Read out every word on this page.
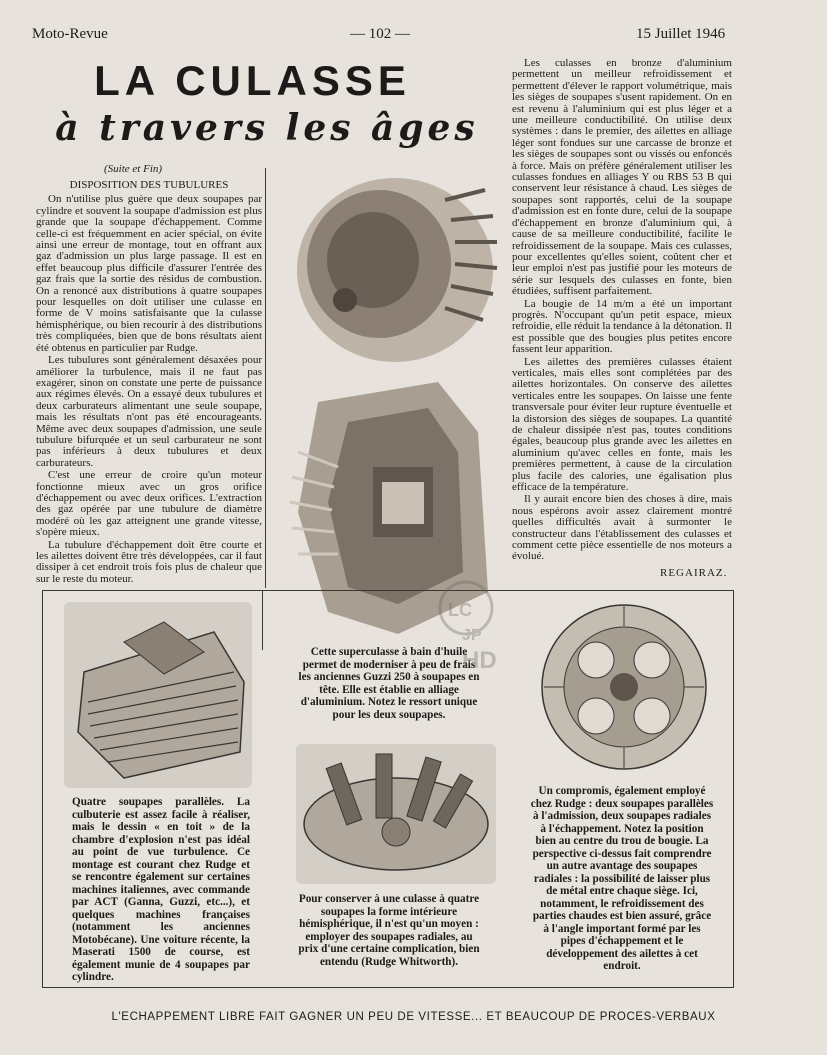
Moto-Revue	— 102 —	15 Juillet 1946
LA CULASSE
à travers les âges
(Suite et Fin)

DISPOSITION DES TUBULURES

On n'utilise plus guère que deux soupapes par cylindre et souvent la soupape d'admission est plus grande que la soupape d'échappement. Comme celle-ci est fréquemment en acier spécial, on évite ainsi une erreur de montage, tout en offrant aux gaz d'admission un plus large passage. Il est en effet beaucoup plus difficile d'assurer l'entrée des gaz frais que la sortie des résidus de combustion. On a renoncé aux distributions à quatre soupapes pour lesquelles on doit utiliser une culasse en forme de V moins satisfaisante que la culasse hémisphérique, ou bien recourir à des distributions très compliquées, bien que de bons résultats aient été obtenus en particulier par Rudge.

Les tubulures sont généralement désaxées pour améliorer la turbulence, mais il ne faut pas exagérer, sinon on constate une perte de puissance aux régimes élevés. On a essayé deux tubulures et deux carburateurs alimentant une seule soupape, mais les résultats n'ont pas été encourageants. Même avec deux soupapes d'admission, une seule tubulure bifurquée et un seul carburateur ne sont pas inférieurs à deux tubulures et deux carburateurs.

C'est une erreur de croire qu'un moteur fonctionne mieux avec un gros orifice d'échappement ou avec deux orifices. L'extraction des gaz opérée par une tubulure de diamètre modéré où les gaz atteignent une grande vitesse, s'opère mieux.

La tubulure d'échappement doit être courte et les ailettes doivent être très développées, car il faut dissiper à cet endroit trois fois plus de chaleur que sur le reste du moteur.

Les culasses en bronze d'aluminium permettent un meilleur refroidissement et permettent d'élever le rapport volumétrique, mais les sièges de soupapes s'usent rapidement. On en est revenu à l'aluminium qui est plus léger et a une meilleure conductibilité. On utilise deux systèmes : dans le premier, des ailettes en alliage léger sont fondues sur une carcasse de bronze et les sièges de soupapes sont ou vissés ou enfoncés à force. Mais on préfère généralement utiliser les culasses fondues en alliages Y ou RBS 53 B qui conservent leur résistance à chaud. Les sièges de soupapes sont rapportés, celui de la soupape d'admission est en fonte dure, celui de la soupape d'échappement en bronze d'aluminium qui, à cause de sa meilleure conductibilité, facilite le refroidissement de la soupape. Mais ces culasses, pour excellentes qu'elles soient, coûtent cher et leur emploi n'est pas justifié pour les moteurs de série sur lesquels des culasses en fonte, bien étudiées, suffisent parfaitement.

La bougie de 14 m/m a été un important progrès. N'occupant qu'un petit espace, mieux refroidie, elle réduit la tendance à la détonation. Il est possible que des bougies plus petites encore fassent leur apparition.

Les ailettes des premières culasses étaient verticales, mais elles sont complétées par des ailettes horizontales. On conserve des ailettes verticales entre les soupapes. On laisse une fente transversale pour éviter leur rupture éventuelle et la distorsion des sièges de soupapes. La quantité de chaleur dissipée n'est pas, toutes conditions égales, beaucoup plus grande avec les ailettes en aluminium qu'avec celles en fonte, mais les premières permettent, à cause de la circulation plus facile des calories, une égalisation plus efficace de la température.

Il y aurait encore bien des choses à dire, mais nous espérons avoir assez clairement montré quelles difficultés avait à surmonter le constructeur dans l'établissement des culasses et comment cette pièce essentielle de nos moteurs a évolué.

REGAIRAZ.
Quatre soupapes parallèles. La culbuterie est assez facile à réaliser, mais le dessin « en toit » de la chambre d'explosion n'est pas idéal au point de vue turbulence. Ce montage est courant chez Rudge et se rencontre également sur certaines machines italiennes, avec commande par ACT (Ganna, Guzzi, etc...), et quelques machines françaises (notamment les anciennes Motobécane). Une voiture récente, la Maserati 1500 de course, est également munie de 4 soupapes par cylindre.
Cette superculasse à bain d'huile permet de moderniser à peu de frais les anciennes Guzzi 250 à soupapes en tête. Elle est établie en alliage d'aluminium. Notez le ressort unique pour les deux soupapes.
Pour conserver à une culasse à quatre soupapes la forme intérieure hémisphérique, il n'est qu'un moyen : employer des soupapes radiales, au prix d'une certaine complication, bien entendu (Rudge Whitworth).
Un compromis, également employé chez Rudge : deux soupapes parallèles à l'admission, deux soupapes radiales à l'échappement. Notez la position bien au centre du trou de bougie. La perspective ci-dessus fait comprendre un autre avantage des soupapes radiales : la possibilité de laisser plus de métal entre chaque siège. Ici, notamment, le refroidissement des parties chaudes est bien assuré, grâce à l'angle important formé par les pipes d'échappement et le développement des ailettes à cet endroit.
LC
JP
HD
L'ECHAPPEMENT LIBRE FAIT GAGNER UN PEU DE VITESSE... ET BEAUCOUP DE PROCES-VERBAUX
